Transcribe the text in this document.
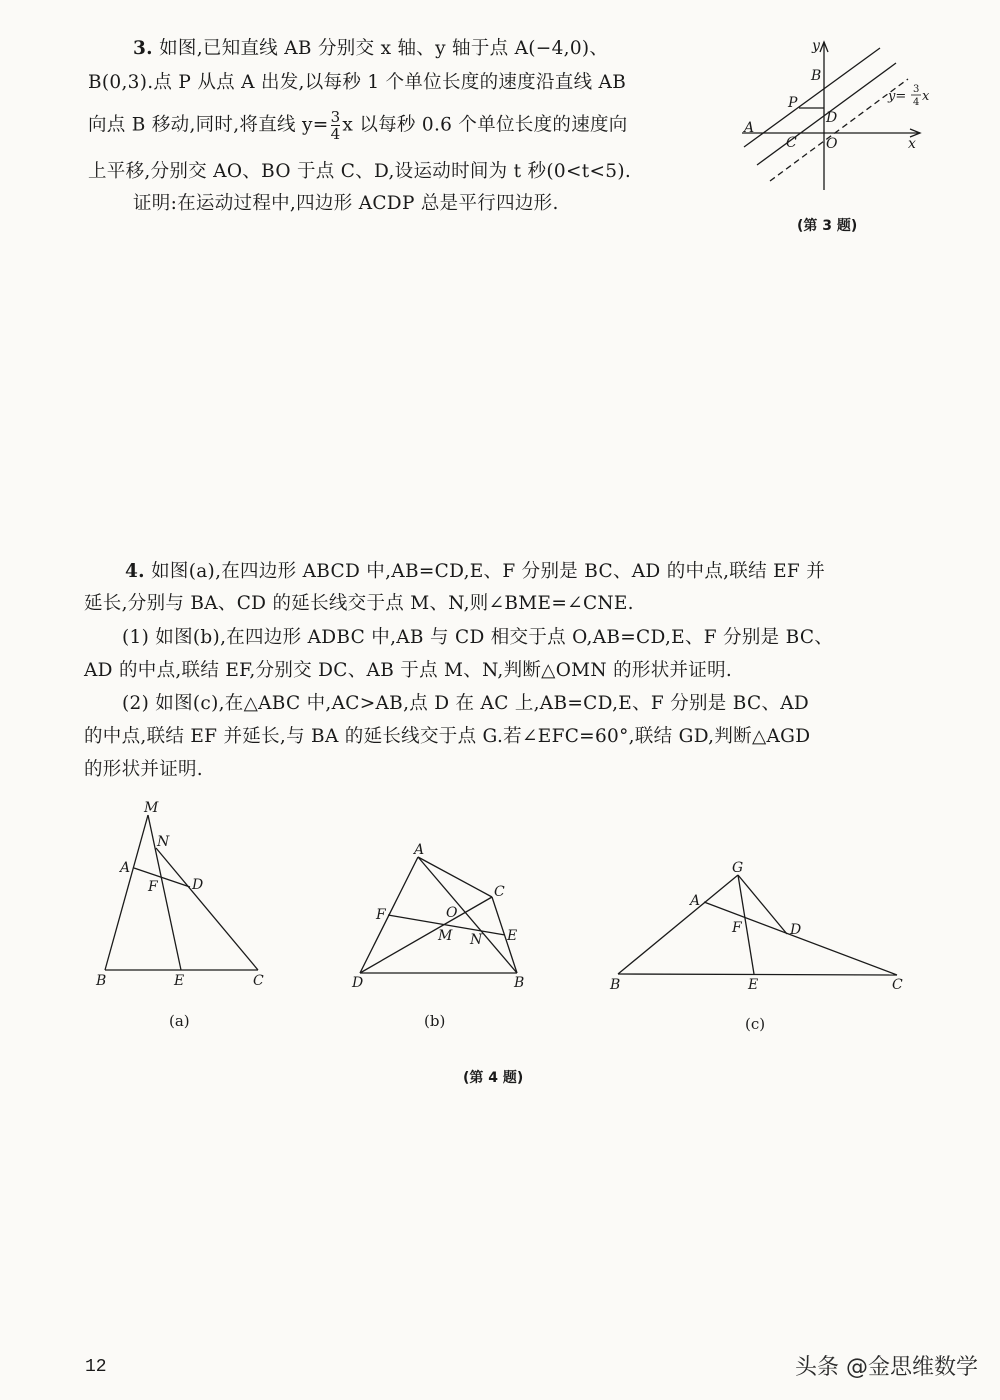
3. 如图,已知直线 AB 分别交 x 轴、y 轴于点 A(−4,0)、
B(0,3).点 P 从点 A 出发,以每秒 1 个单位长度的速度沿直线 AB
向点 B 移动,同时,将直线 $y= \frac{3}{4}$ x 以每秒 0.6 个单位长度的速度向
上平移,分别交 AO、BO 于点 C、D,设运动时间为 t 秒(0<t<5).
证明:在运动过程中,四边形 ACDP 总是平行四边形.
y
B
P
D
A
C O	x
y= 3
4 x
(第 3 题)
4. 如图(a),在四边形 ABCD 中,AB=CD,E、F 分别是 BC、AD 的中点,联结 EF 并
延长,分别与 BA、CD 的延长线交于点 M、N,则∠BME=∠CNE.
(1) 如图(b),在四边形 ADBC 中,AB 与 CD 相交于点 O,AB=CD,E、F 分别是 BC、
AD 的中点,联结 EF,分别交 DC、AB 于点 M、N,判断△OMN 的形状并证明.
(2) 如图(c),在△ABC 中,AC>AB,点 D 在 AC 上,AB=CD,E、F 分别是 BC、AD
的中点,联结 EF 并延长,与 BA 的延长线交于点 G.若∠EFC=60°,联结 GD,判断△AGD
的形状并证明.
M
N
A
F D
B	E	C
(a)
A
C
F	O
M N E
D	B
(b)
G
A
F	D
B	E	C
(c)
(第 4 题)
12	头条 @金思维数学
